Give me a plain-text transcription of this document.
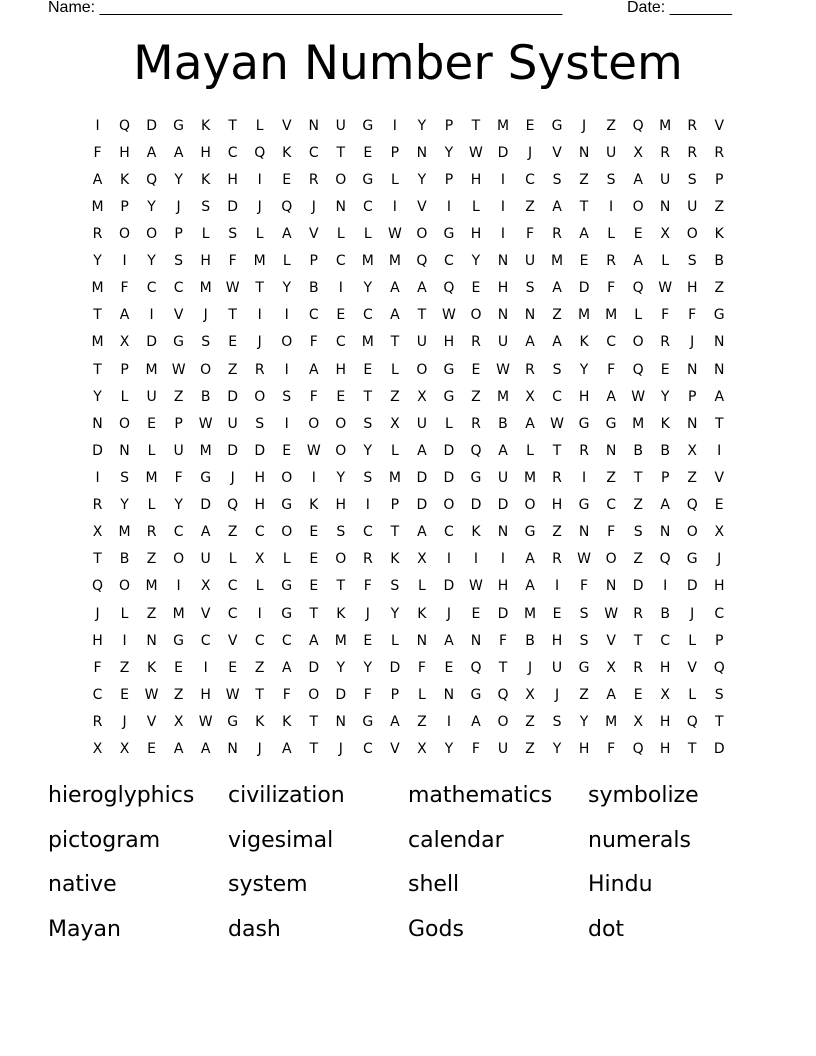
Name: ____________________________________________________	Date: _______
Mayan Number System
I	Q	D	G	K	T	L	V	N	U	G	I	Y	P	T	M	E	G	J	Z	Q	M	R	V
F	H	A	A	H	C	Q	K	C	T	E	P	N	Y	W	D	J	V	N	U	X	R	R	R
A	K	Q	Y	K	H	I	E	R	O	G	L	Y	P	H	I	C	S	Z	S	A	U	S	P
M	P	Y	J	S	D	J	Q	J	N	C	I	V	I	L	I	Z	A	T	I	O	N	U	Z
R	O	O	P	L	S	L	A	V	L	L	W	O	G	H	I	F	R	A	L	E	X	O	K
Y	I	Y	S	H	F	M	L	P	C	M	M	Q	C	Y	N	U	M	E	R	A	L	S	B
M	F	C	C	M	W	T	Y	B	I	Y	A	A	Q	E	H	S	A	D	F	Q	W	H	Z
T	A	I	V	J	T	I	I	C	E	C	A	T	W	O	N	N	Z	M	M	L	F	F	G
M	X	D	G	S	E	J	O	F	C	M	T	U	H	R	U	A	A	K	C	O	R	J	N
T	P	M	W	O	Z	R	I	A	H	E	L	O	G	E	W	R	S	Y	F	Q	E	N	N
Y	L	U	Z	B	D	O	S	F	E	T	Z	X	G	Z	M	X	C	H	A	W	Y	P	A
N	O	E	P	W	U	S	I	O	O	S	X	U	L	R	B	A	W	G	G	M	K	N	T
D	N	L	U	M	D	D	E	W	O	Y	L	A	D	Q	A	L	T	R	N	B	B	X	I
I	S	M	F	G	J	H	O	I	Y	S	M	D	D	G	U	M	R	I	Z	T	P	Z	V
R	Y	L	Y	D	Q	H	G	K	H	I	P	D	O	D	D	O	H	G	C	Z	A	Q	E
X	M	R	C	A	Z	C	O	E	S	C	T	A	C	K	N	G	Z	N	F	S	N	O	X
T	B	Z	O	U	L	X	L	E	O	R	K	X	I	I	I	A	R	W	O	Z	Q	G	J
Q	O	M	I	X	C	L	G	E	T	F	S	L	D	W	H	A	I	F	N	D	I	D	H
J	L	Z	M	V	C	I	G	T	K	J	Y	K	J	E	D	M	E	S	W	R	B	J	C
H	I	N	G	C	V	C	C	A	M	E	L	N	A	N	F	B	H	S	V	T	C	L	P
F	Z	K	E	I	E	Z	A	D	Y	Y	D	F	E	Q	T	J	U	G	X	R	H	V	Q
C	E	W	Z	H	W	T	F	O	D	F	P	L	N	G	Q	X	J	Z	A	E	X	L	S
R	J	V	X	W	G	K	K	T	N	G	A	Z	I	A	O	Z	S	Y	M	X	H	Q	T
X	X	E	A	A	N	J	A	T	J	C	V	X	Y	F	U	Z	Y	H	F	Q	H	T	D
hieroglyphics	civilization	mathematics	symbolize
pictogram	vigesimal	calendar	numerals
native	system	shell	Hindu
Mayan	dash	Gods	dot
